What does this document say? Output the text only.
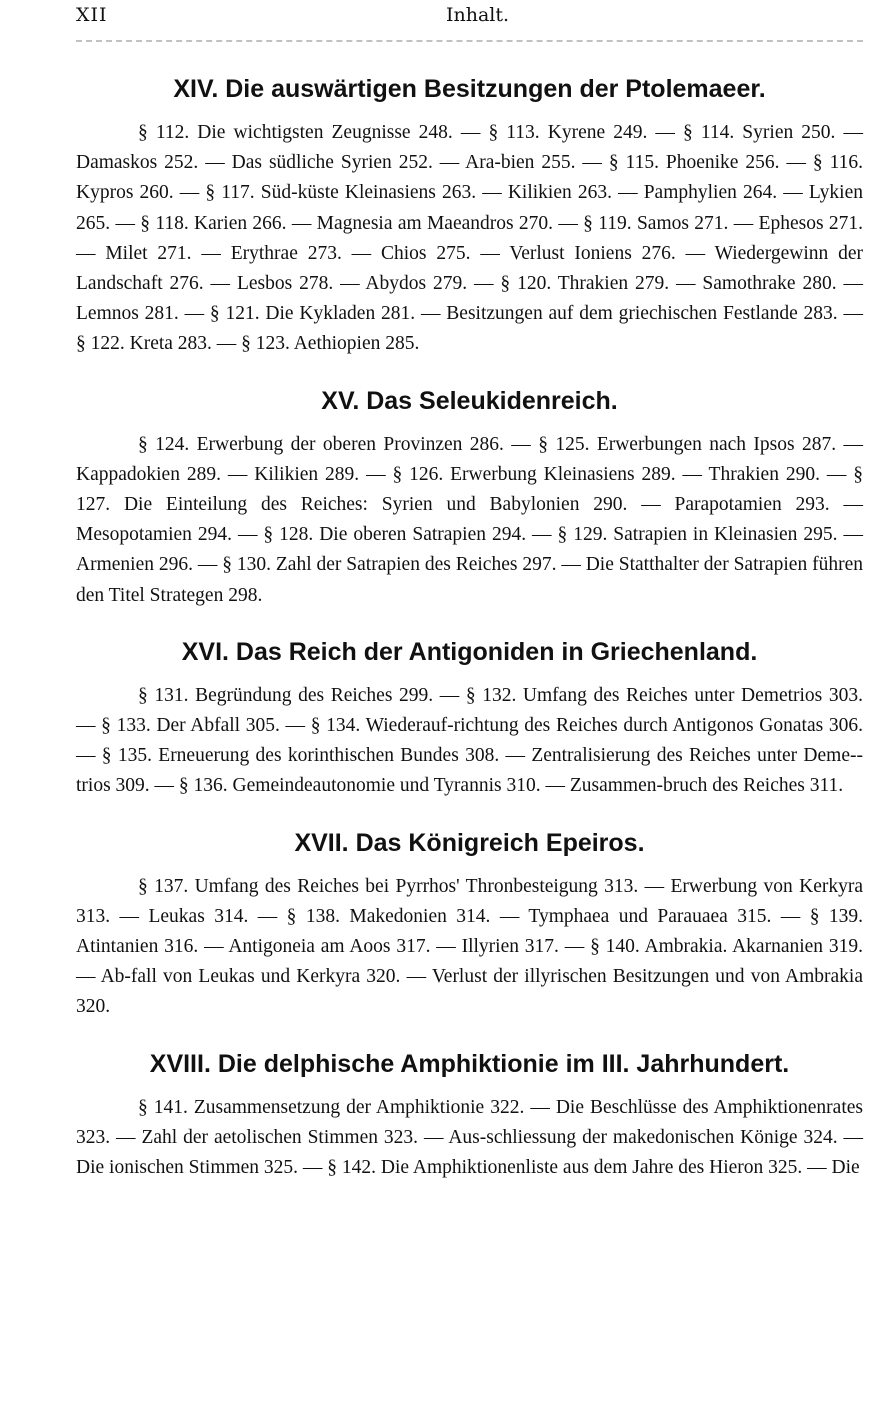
XII	Inhalt.
XIV. Die auswärtigen Besitzungen der Ptolemaeer.

§ 112. Die wichtigsten Zeugnisse 248. — § 113. Kyrene 249. — § 114. Syrien 250. — Damaskos 252. — Das südliche Syrien 252. — Ara-bien 255. — § 115. Phoenike 256. — § 116. Kypros 260. — § 117. Süd-küste Kleinasiens 263. — Kilikien 263. — Pamphylien 264. — Lykien 265. — § 118. Karien 266. — Magnesia am Maeandros 270. — § 119. Samos 271. — Ephesos 271. — Milet 271. — Erythrae 273. — Chios 275. — Verlust Ioniens 276. — Wiedergewinn der Landschaft 276. — Lesbos 278. — Abydos 279. — § 120. Thrakien 279. — Samothrake 280. — Lemnos 281. — § 121. Die Kykladen 281. — Besitzungen auf dem griechischen Festlande 283. — § 122. Kreta 283. — § 123. Aethiopien 285.

XV. Das Seleukidenreich.

§ 124. Erwerbung der oberen Provinzen 286. — § 125. Erwerbungen nach Ipsos 287. — Kappadokien 289. — Kilikien 289. — § 126. Erwerbung Kleinasiens 289. — Thrakien 290. — § 127. Die Einteilung des Reiches: Syrien und Babylonien 290. — Parapotamien 293. — Mesopotamien 294. — § 128. Die oberen Satrapien 294. — § 129. Satrapien in Kleinasien 295. — Armenien 296. — § 130. Zahl der Satrapien des Reiches 297. — Die Statthalter der Satrapien führen den Titel Strategen 298.

XVI. Das Reich der Antigoniden in Griechenland.

§ 131. Begründung des Reiches 299. — § 132. Umfang des Reiches unter Demetrios 303. — § 133. Der Abfall 305. — § 134. Wiederauf-richtung des Reiches durch Antigonos Gonatas 306. — § 135. Erneuerung des korinthischen Bundes 308. — Zentralisierung des Reiches unter Deme-trios 309. — § 136. Gemeindeautonomie und Tyrannis 310. — Zusammen-bruch des Reiches 311.

XVII. Das Königreich Epeiros.

§ 137. Umfang des Reiches bei Pyrrhos' Thronbesteigung 313. — Erwerbung von Kerkyra 313. — Leukas 314. — § 138. Makedonien 314. — Tymphaea und Parauaea 315. — § 139. Atintanien 316. — Antigoneia am Aoos 317. — Illyrien 317. — § 140. Ambrakia. Akarnanien 319. — Ab-fall von Leukas und Kerkyra 320. — Verlust der illyrischen Besitzungen und von Ambrakia 320.

XVIII. Die delphische Amphiktionie im III. Jahrhundert.

§ 141. Zusammensetzung der Amphiktionie 322. — Die Beschlüsse des Amphiktionenrates 323. — Zahl der aetolischen Stimmen 323. — Aus-schliessung der makedonischen Könige 324. — Die ionischen Stimmen 325. — § 142. Die Amphiktionenliste aus dem Jahre des Hieron 325. — Die
